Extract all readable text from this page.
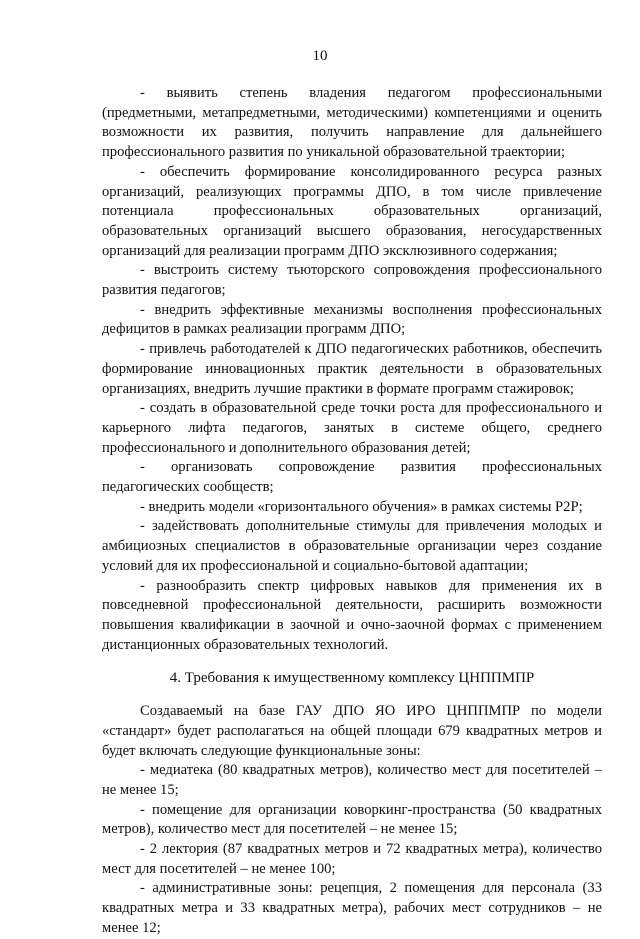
10

- выявить степень владения педагогом профессиональными (предметными, метапредметными, методическими) компетенциями и оценить возможности их развития, получить направление для дальнейшего профессионального развития по уникальной образовательной траектории;

- обеспечить формирование консолидированного ресурса разных организаций, реализующих программы ДПО, в том числе привлечение потенциала профессиональных образовательных организаций, образовательных организаций высшего образования, негосударственных организаций для реализации программ ДПО эксклюзивного содержания;

- выстроить систему тьюторского сопровождения профессионального развития педагогов;

- внедрить эффективные механизмы восполнения профессиональных дефицитов в рамках реализации программ ДПО;

- привлечь работодателей к ДПО педагогических работников, обеспечить формирование инновационных практик деятельности в образовательных организациях, внедрить лучшие практики в формате программ стажировок;

- создать в образовательной среде точки роста для профессионального и карьерного лифта педагогов, занятых в системе общего, среднего профессионального и дополнительного образования детей;

- организовать сопровождение развития профессиональных педагогических сообществ;

- внедрить модели «горизонтального обучения» в рамках системы P2P;

- задействовать дополнительные стимулы для привлечения молодых и амбициозных специалистов в образовательные организации через создание условий для их профессиональной и социально-бытовой адаптации;

- разнообразить спектр цифровых навыков для применения их в повседневной профессиональной деятельности, расширить возможности повышения квалификации в заочной и очно-заочной формах с применением дистанционных образовательных технологий.

4. Требования к имущественному комплексу ЦНППМПР

Создаваемый на базе ГАУ ДПО ЯО ИРО ЦНППМПР по модели «стандарт» будет располагаться на общей площади 679 квадратных метров и будет включать следующие функциональные зоны:

- медиатека (80 квадратных метров), количество мест для посетителей – не менее 15;

- помещение для организации коворкинг-пространства (50 квадратных метров), количество мест для посетителей – не менее 15;

- 2 лектория (87 квадратных метров и 72 квадратных метра), количество мест для посетителей – не менее 100;

- административные зоны: рецепция, 2 помещения для персонала (33 квадратных метра и 33 квадратных метра), рабочих мест сотрудников – не менее 12;
